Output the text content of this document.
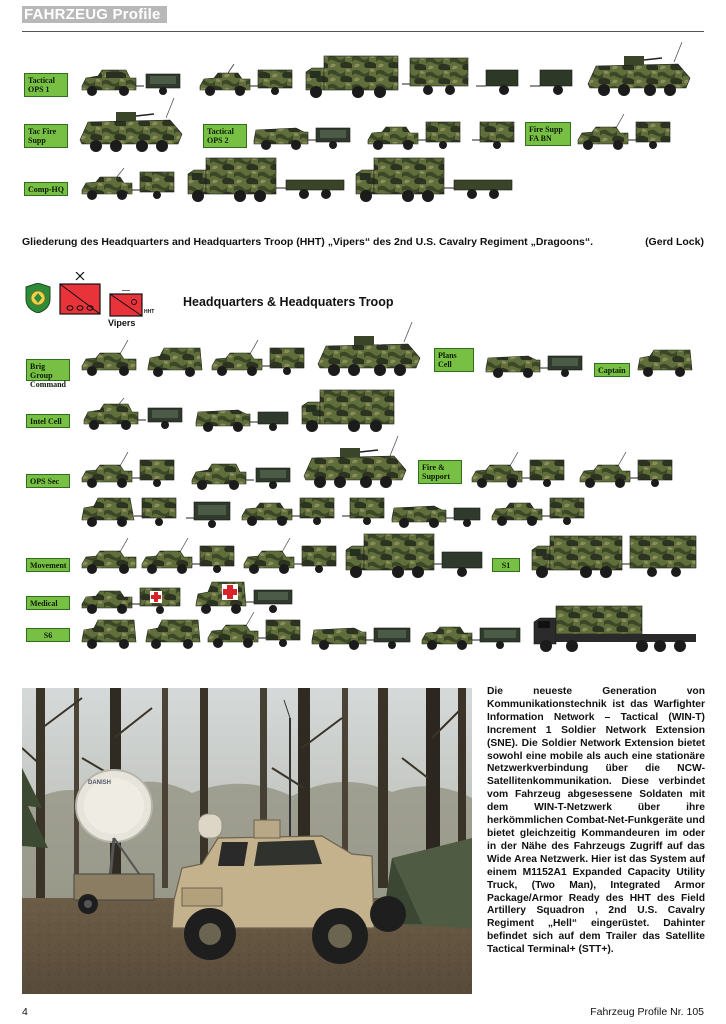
FAHRZEUG Profile
Tactical
OPS 1
Tac Fire
Supp
Tactical
OPS 2
Fire Supp
FA BN
Comp-HQ
Gliederung des Headquarters and Headquarters Troop (HHT) „Vipers“ des 2nd U.S. Cavalry Regiment „Dragoons“.	(Gerd Lock)
HHT
Vipers
Headquarters & Headquaters Troop
Brig Group
Command
Plans
Cell
Captain
Intel Cell
OPS Sec
Fire &
Support
Movement	S1
Medical
S6
DANISH

Die neueste Generation von Kommunikationstechnik ist das Warfighter Information Network – Tactical (WIN-T) Increment 1 Soldier Network Extension (SNE). Die Soldier Network Extension bietet sowohl eine mobile als auch eine stationäre Netzwerkverbindung über die NCW-Satellitenkommunikation. Diese verbindet vom Fahrzeug abgesessene Soldaten mit dem WIN-T-Netzwerk über ihre herkömmlichen Combat-Net-Funkgeräte und bietet gleichzeitig Kommandeuren im oder in der Nähe des Fahrzeugs Zugriff auf das Wide Area Netzwerk. Hier ist das System auf einem M1152A1 Expanded Capacity Utility Truck, (Two Man), Integrated Armor Package/Armor Ready des HHT des Field Artillery Squadron , 2nd U.S. Cavalry Regiment „Hell“ eingerüstet. Dahinter befindet sich auf dem Trailer das Satellite Tactical Terminal+ (STT+).

4	Fahrzeug Profile Nr. 105
